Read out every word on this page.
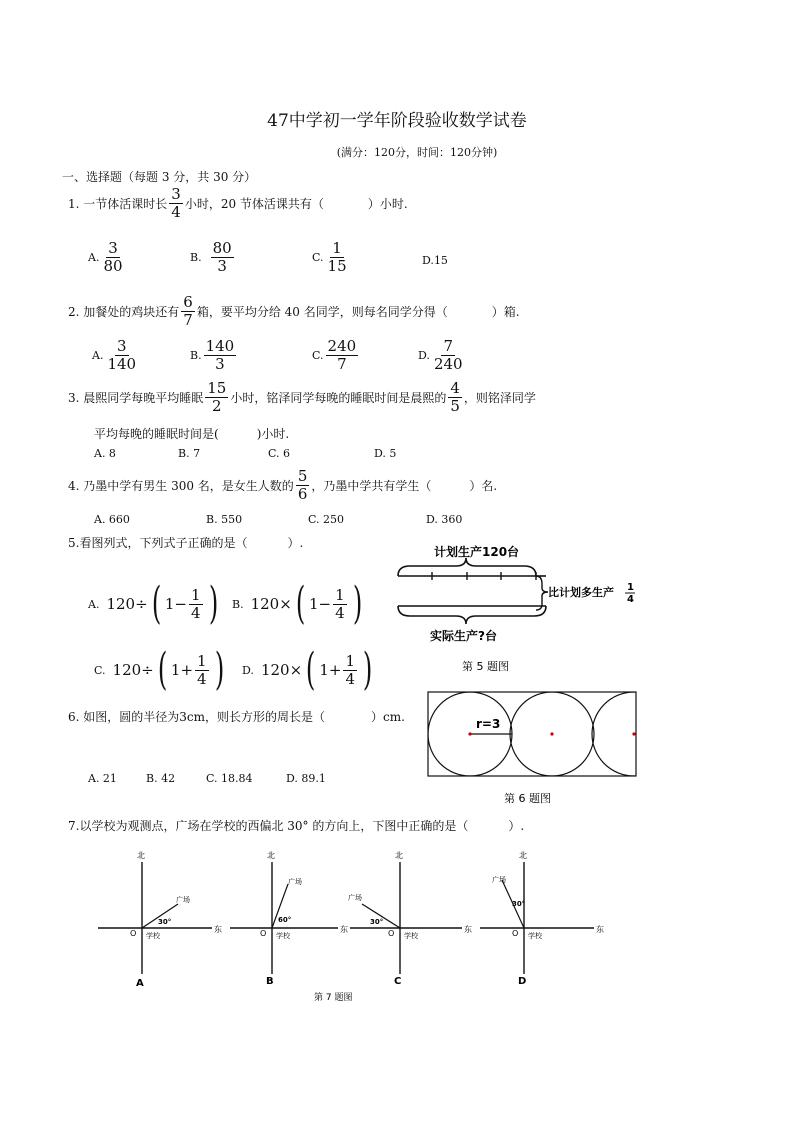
47中学初一学年阶段验收数学试卷
(满分：120分，时间：120分钟)
一、选择题（每题 3 分，共 30 分）
1. 一节体活课时长 $\frac{3}{4}$ 小时，20 节体活课共有（	）小时.
A. $\frac{3}{80}$	B.
$\frac{80}{3}$	C. $\frac{1}{15}$	D.15
2. 加餐处的鸡块还有 $\frac{6}{7}$ 箱，要平均分给 40 名同学，则每名同学分得（	）箱.
A. $\frac{3}{140}$	B. $\frac{140}{3}$	C. $\frac{240}{7}$	D. $\frac{7}{240}$
3. 晨熙同学每晚平均睡眠 $\frac{15}{2}$ 小时，铭泽同学每晚的睡眠时间是晨熙的 $\frac{4}{5}$ ，则铭泽同学
平均每晚的睡眠时间是(	)小时.
A. 8	B. 7	C. 6	D. 5
4. 乃墨中学有男生 300 名，是女生人数的 $\frac{5}{6}$ ，乃墨中学共有学生（	）名.
A. 660	B. 550	C. 250	D. 360
5.看图列式，下列式子正确的是（	）.
A.
120÷ ( $1 - \frac{1}{4}$ ) B.
120× ( $1 - \frac{1}{4}$ )
C.
120÷ ( $1 + \frac{1}{4}$ ) D.
120× ( $1 + \frac{1}{4}$ )
计划生产120台
比计划多生产 1
4
实际生产?台
第 5 题图
6. 如图，圆的半径为3cm，则长方形的周长是（	）cm.
A. 21	B. 42	C. 18.84	D. 89.1
r=3
第 6 题图
7.以学校为观测点，广场在学校的西偏北 30° 的方向上，下图中正确的是（	）.
北
东
O 学校
广场
30°
A
北
东
O 学校
广场
60°
B
北
东
O 学校
广场
30°
C
北
东
O 学校
广场
30°
D
第 7 题图
